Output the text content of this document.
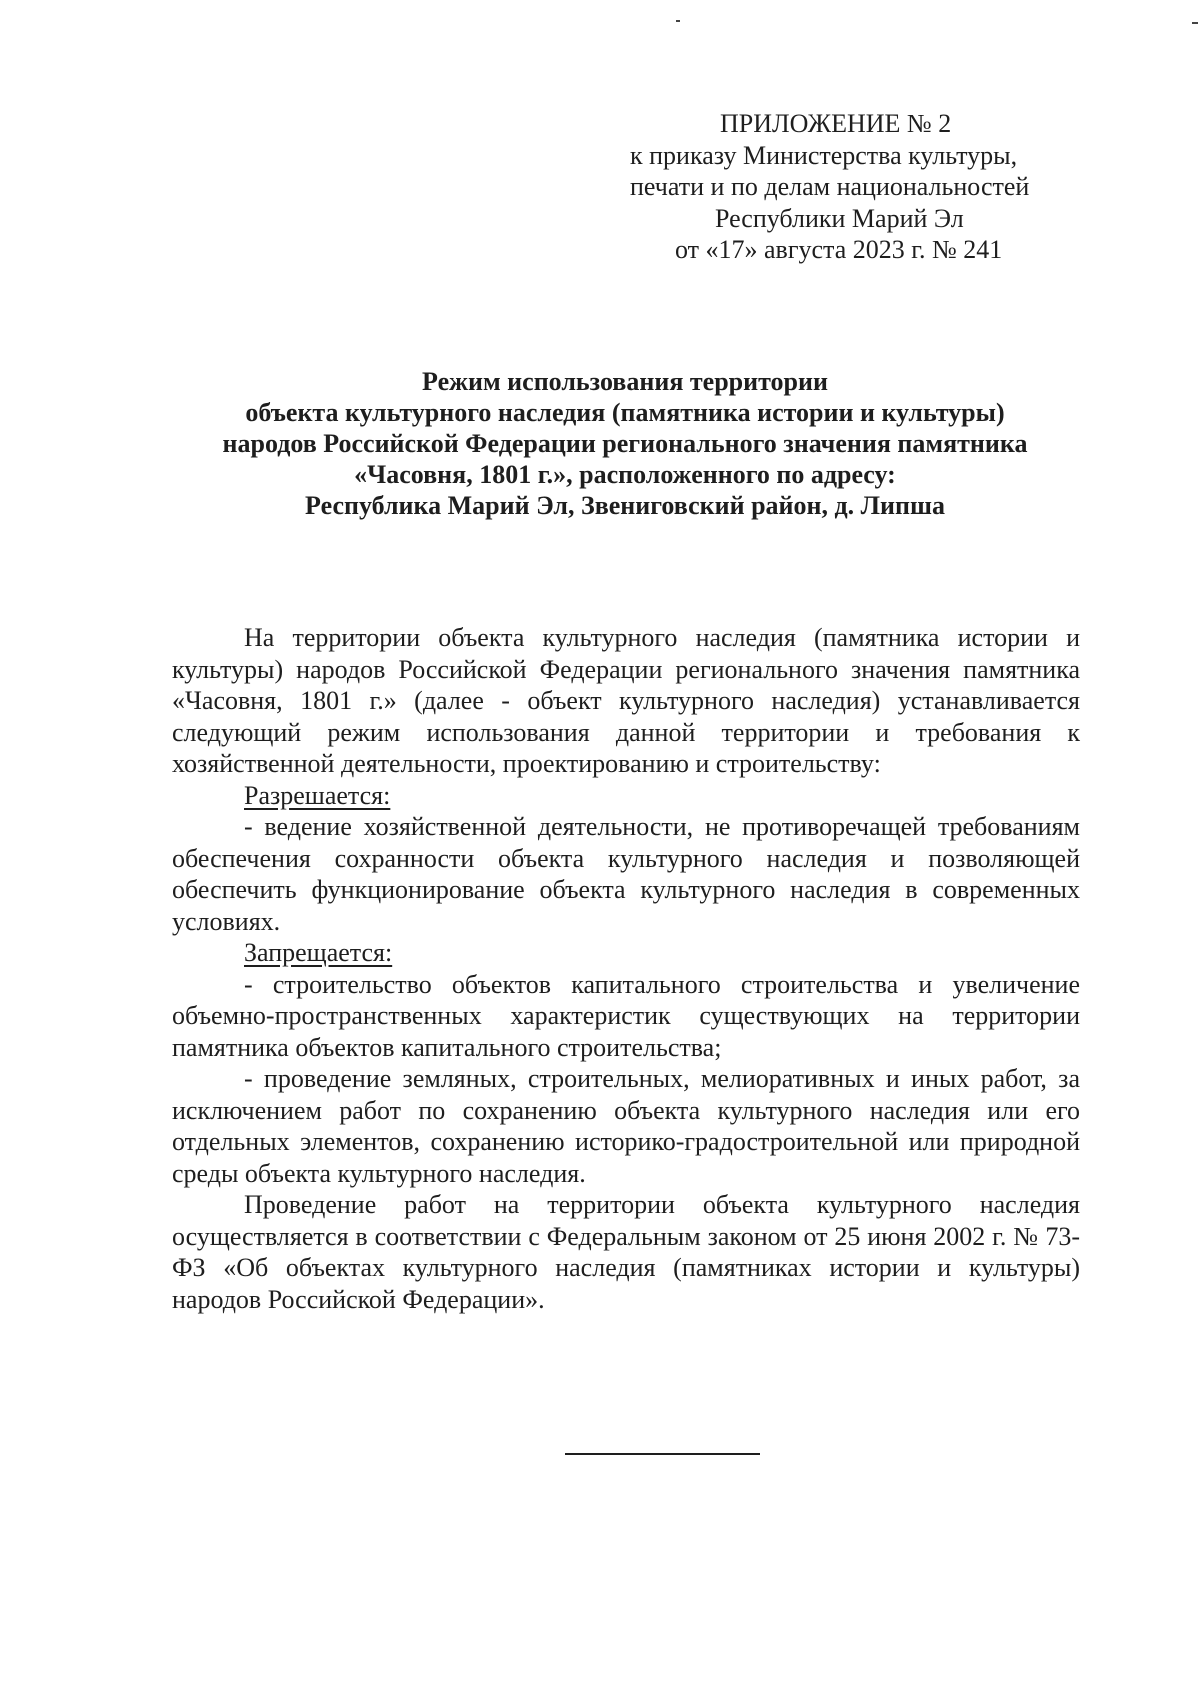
ПРИЛОЖЕНИЕ № 2
к приказу Министерства культуры,
печати и по делам национальностей
Республики Марий Эл
от «17» августа 2023 г. № 241
Режим использования территории
объекта культурного наследия (памятника истории и культуры)
народов Российской Федерации регионального значения памятника
«Часовня, 1801 г.», расположенного по адресу:
Республика Марий Эл, Звениговский район, д. Липша

На территории объекта культурного наследия (памятника истории и культуры) народов Российской Федерации регионального значения памятника «Часовня, 1801 г.» (далее - объект культурного наследия) устанавливается следующий режим использования данной территории и требования к хозяйственной деятельности, проектированию и строительству:

Разрешается:

- ведение хозяйственной деятельности, не противоречащей требованиям обеспечения сохранности объекта культурного наследия и позволяющей обеспечить функционирование объекта культурного наследия в современных условиях.

Запрещается:

- строительство объектов капитального строительства и увеличение объемно-пространственных характеристик существующих на территории памятника объектов капитального строительства;

- проведение земляных, строительных, мелиоративных и иных работ, за исключением работ по сохранению объекта культурного наследия или его отдельных элементов, сохранению историко-градостроительной или природной среды объекта культурного наследия.

Проведение работ на территории объекта культурного наследия осуществляется в соответствии с Федеральным законом от 25 июня 2002 г. № 73-ФЗ «Об объектах культурного наследия (памятниках истории и культуры) народов Российской Федерации».
